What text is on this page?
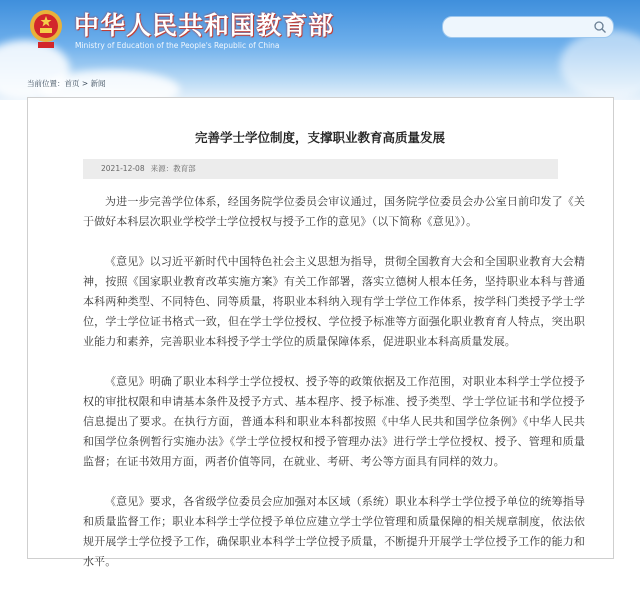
中华人民共和国教育部
Ministry of Education of the People's Republic of China
当前位置：首页 > 新闻
完善学士学位制度，支撑职业教育高质量发展
2021-12-08 来源：教育部

为进一步完善学位体系，经国务院学位委员会审议通过，国务院学位委员会办公室日前印发了《关于做好本科层次职业学校学士学位授权与授予工作的意见》（以下简称《意见》）。

《意见》以习近平新时代中国特色社会主义思想为指导，贯彻全国教育大会和全国职业教育大会精神，按照《国家职业教育改革实施方案》有关工作部署，落实立德树人根本任务，坚持职业本科与普通本科两种类型、不同特色、同等质量，将职业本科纳入现有学士学位工作体系，按学科门类授予学士学位，学士学位证书格式一致，但在学士学位授权、学位授予标准等方面强化职业教育育人特点，突出职业能力和素养，完善职业本科授予学士学位的质量保障体系，促进职业本科高质量发展。

《意见》明确了职业本科学士学位授权、授予等的政策依据及工作范围，对职业本科学士学位授予权的审批权限和申请基本条件及授予方式、基本程序、授予标准、授予类型、学士学位证书和学位授予信息提出了要求。在执行方面，普通本科和职业本科都按照《中华人民共和国学位条例》《中华人民共和国学位条例暂行实施办法》《学士学位授权和授予管理办法》进行学士学位授权、授予、管理和质量监督；在证书效用方面，两者价值等同，在就业、考研、考公等方面具有同样的效力。

《意见》要求，各省级学位委员会应加强对本区域（系统）职业本科学士学位授予单位的统筹指导和质量监督工作；职业本科学士学位授予单位应建立学士学位管理和质量保障的相关规章制度，依法依规开展学士学位授予工作，确保职业本科学士学位授予质量，不断提升开展学士学位授予工作的能力和水平。
